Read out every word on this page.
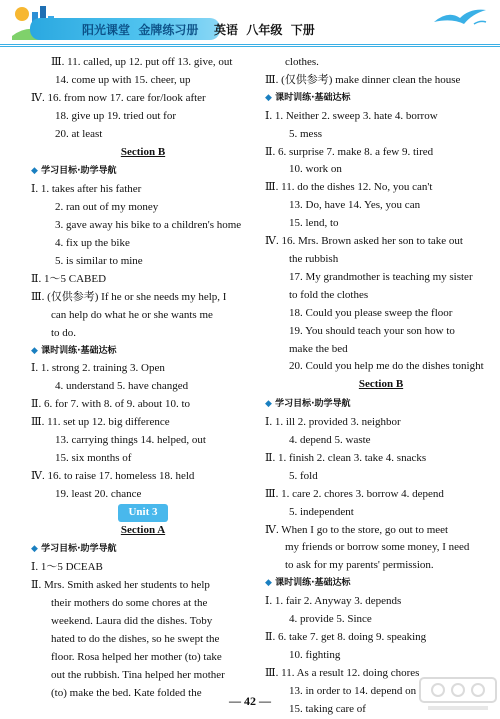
阳光课堂 金牌练习册 英语 八年级 下册
Ⅲ. 11. called, up 12. put off 13. give, out
14. come up with 15. cheer, up
Ⅳ. 16. from now 17. care for/look after
18. give up 19. tried out for
20. at least
Section B
◆ 学习目标·助学导航
Ⅰ. 1. takes after his father
2. ran out of my money
3. gave away his bike to a children's home
4. fix up the bike
5. is similar to mine
Ⅱ. 1～5 CABED
Ⅲ. (仅供参考) If he or she needs my help, I
can help do what he or she wants me
to do.
◆ 课时训练·基础达标
Ⅰ. 1. strong 2. training 3. Open
4. understand 5. have changed
Ⅱ. 6. for 7. with 8. of 9. about 10. to
Ⅲ. 11. set up 12. big difference
13. carrying things 14. helped, out
15. six months of
Ⅳ. 16. to raise 17. homeless 18. held
19. least 20. chance
Unit 3
Section A
◆ 学习目标·助学导航
Ⅰ. 1～5 DCEAB
Ⅱ. Mrs. Smith asked her students to help
their mothers do some chores at the
weekend. Laura did the dishes. Toby
hated to do the dishes, so he swept the
floor. Rosa helped her mother (to) take
out the rubbish. Tina helped her mother
(to) make the bed. Kate folded the
clothes.
Ⅲ. (仅供参考) make dinner clean the house
◆ 课时训练·基础达标
Ⅰ. 1. Neither 2. sweep 3. hate 4. borrow
5. mess
Ⅱ. 6. surprise 7. make 8. a few 9. tired
10. work on
Ⅲ. 11. do the dishes 12. No, you can't
13. Do, have 14. Yes, you can
15. lend, to
Ⅳ. 16. Mrs. Brown asked her son to take out
the rubbish
17. My grandmother is teaching my sister
to fold the clothes
18. Could you please sweep the floor
19. You should teach your son how to
make the bed
20. Could you help me do the dishes tonight
Section B
◆ 学习目标·助学导航
Ⅰ. 1. ill 2. provided 3. neighbor
4. depend 5. waste
Ⅱ. 1. finish 2. clean 3. take 4. snacks
5. fold
Ⅲ. 1. care 2. chores 3. borrow 4. depend
5. independent
Ⅳ. When I go to the store, go out to meet
my friends or borrow some money, I need
to ask for my parents' permission.
◆ 课时训练·基础达标
Ⅰ. 1. fair 2. Anyway 3. depends
4. provide 5. Since
Ⅱ. 6. take 7. get 8. doing 9. speaking
10. fighting
Ⅲ. 11. As a result 12. doing chores
13. in order to 14. depend on
15. taking care of
— 42 —
